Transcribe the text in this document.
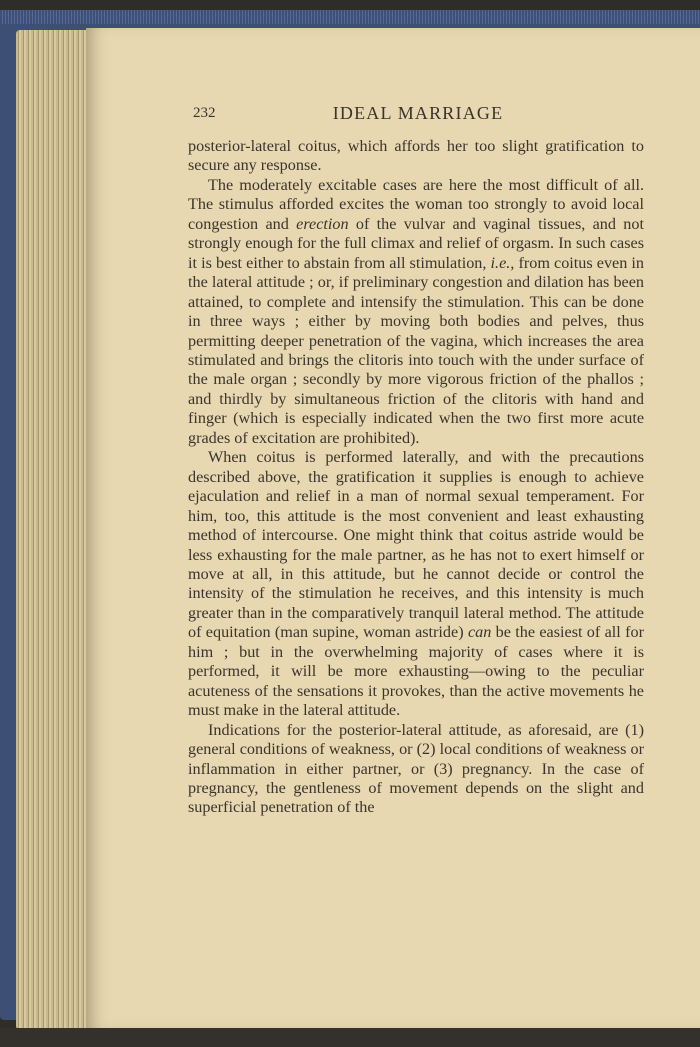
232	IDEAL MARRIAGE

posterior-lateral coitus, which affords her too slight gratification to secure any response.

The moderately excitable cases are here the most difficult of all. The stimulus afforded excites the woman too strongly to avoid local congestion and erection of the vulvar and vaginal tissues, and not strongly enough for the full climax and relief of orgasm. In such cases it is best either to abstain from all stimulation, i.e., from coitus even in the lateral attitude ; or, if preliminary congestion and dilation has been attained, to complete and intensify the stimulation. This can be done in three ways ; either by moving both bodies and pelves, thus permitting deeper penetration of the vagina, which increases the area stimulated and brings the clitoris into touch with the under surface of the male organ ; secondly by more vigorous friction of the phallos ; and thirdly by simultaneous friction of the clitoris with hand and finger (which is especially indicated when the two first more acute grades of excitation are prohibited).

When coitus is performed laterally, and with the precautions described above, the gratification it supplies is enough to achieve ejaculation and relief in a man of normal sexual temperament. For him, too, this attitude is the most convenient and least exhausting method of intercourse. One might think that coitus astride would be less exhausting for the male partner, as he has not to exert himself or move at all, in this attitude, but he cannot decide or control the intensity of the stimulation he receives, and this intensity is much greater than in the comparatively tranquil lateral method. The attitude of equitation (man supine, woman astride) can be the easiest of all for him ; but in the overwhelming majority of cases where it is performed, it will be more exhausting—owing to the peculiar acuteness of the sensations it provokes, than the active movements he must make in the lateral attitude.

Indications for the posterior-lateral attitude, as aforesaid, are (1) general conditions of weakness, or (2) local conditions of weakness or inflammation in either partner, or (3) pregnancy. In the case of pregnancy, the gentleness of movement depends on the slight and superficial penetration of the
